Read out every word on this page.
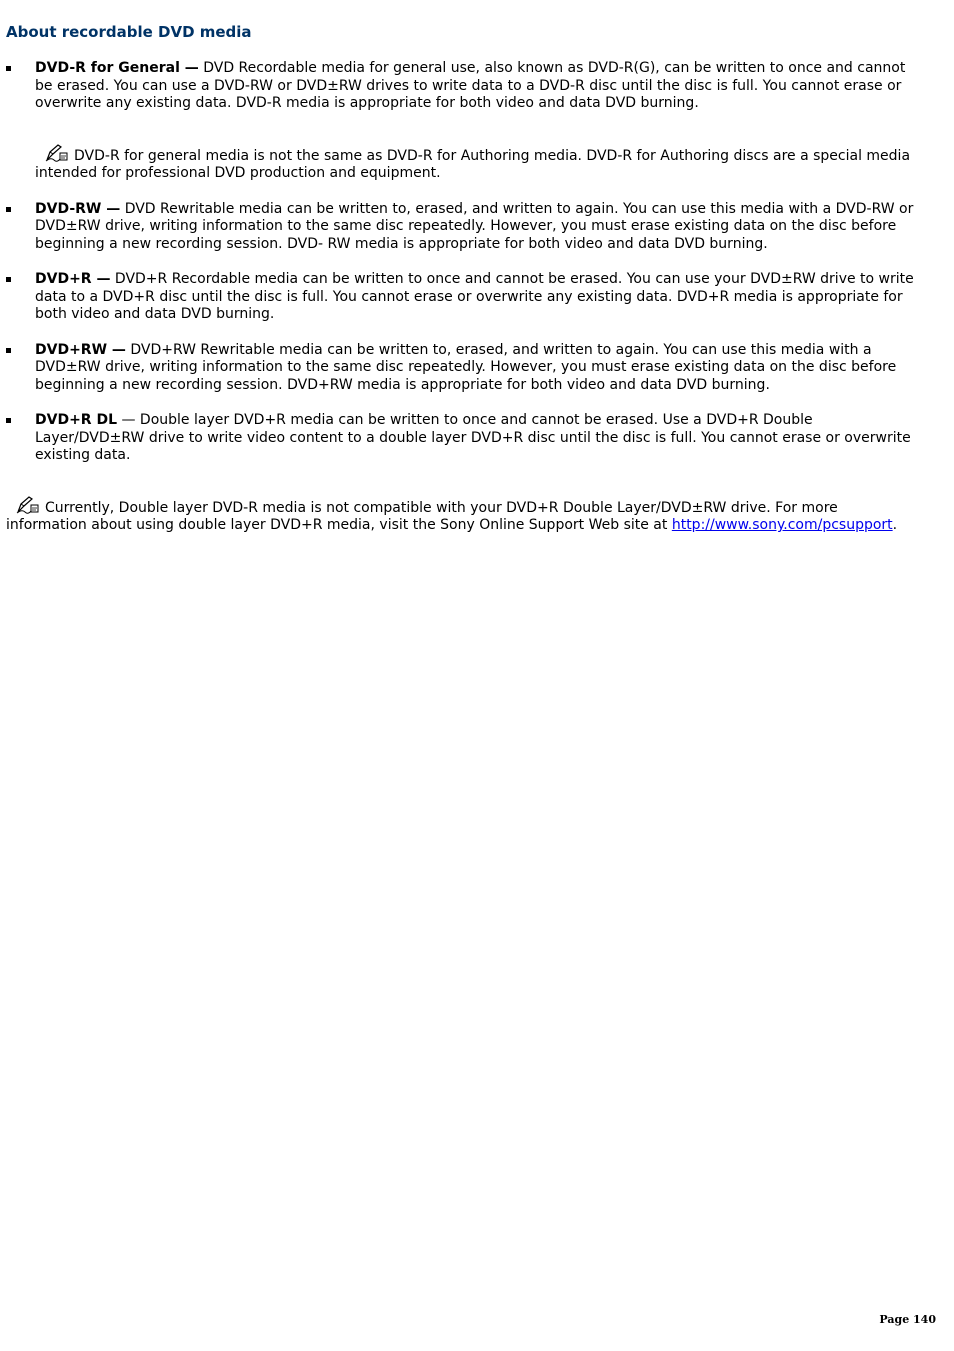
About recordable DVD media
DVD-R for General — DVD Recordable media for general use, also known as DVD-R(G), can be written to once and cannot be erased. You can use a DVD-RW or DVD±RW drives to write data to a DVD-R disc until the disc is full. You cannot erase or overwrite any existing data. DVD-R media is appropriate for both video and data DVD burning.
DVD-R for general media is not the same as DVD-R for Authoring media. DVD-R for Authoring discs are a special media intended for professional DVD production and equipment.
DVD-RW — DVD Rewritable media can be written to, erased, and written to again. You can use this media with a DVD-RW or DVD±RW drive, writing information to the same disc repeatedly. However, you must erase existing data on the disc before beginning a new recording session. DVD- RW media is appropriate for both video and data DVD burning.
DVD+R — DVD+R Recordable media can be written to once and cannot be erased. You can use your DVD±RW drive to write data to a DVD+R disc until the disc is full. You cannot erase or overwrite any existing data. DVD+R media is appropriate for both video and data DVD burning.
DVD+RW — DVD+RW Rewritable media can be written to, erased, and written to again. You can use this media with a DVD±RW drive, writing information to the same disc repeatedly. However, you must erase existing data on the disc before beginning a new recording session. DVD+RW media is appropriate for both video and data DVD burning.
DVD+R DL — Double layer DVD+R media can be written to once and cannot be erased. Use a DVD+R Double Layer/DVD±RW drive to write video content to a double layer DVD+R disc until the disc is full. You cannot erase or overwrite existing data.
Currently, Double layer DVD-R media is not compatible with your DVD+R Double Layer/DVD±RW drive. For more information about using double layer DVD+R media, visit the Sony Online Support Web site at http://www.sony.com/pcsupport.
Page 140
